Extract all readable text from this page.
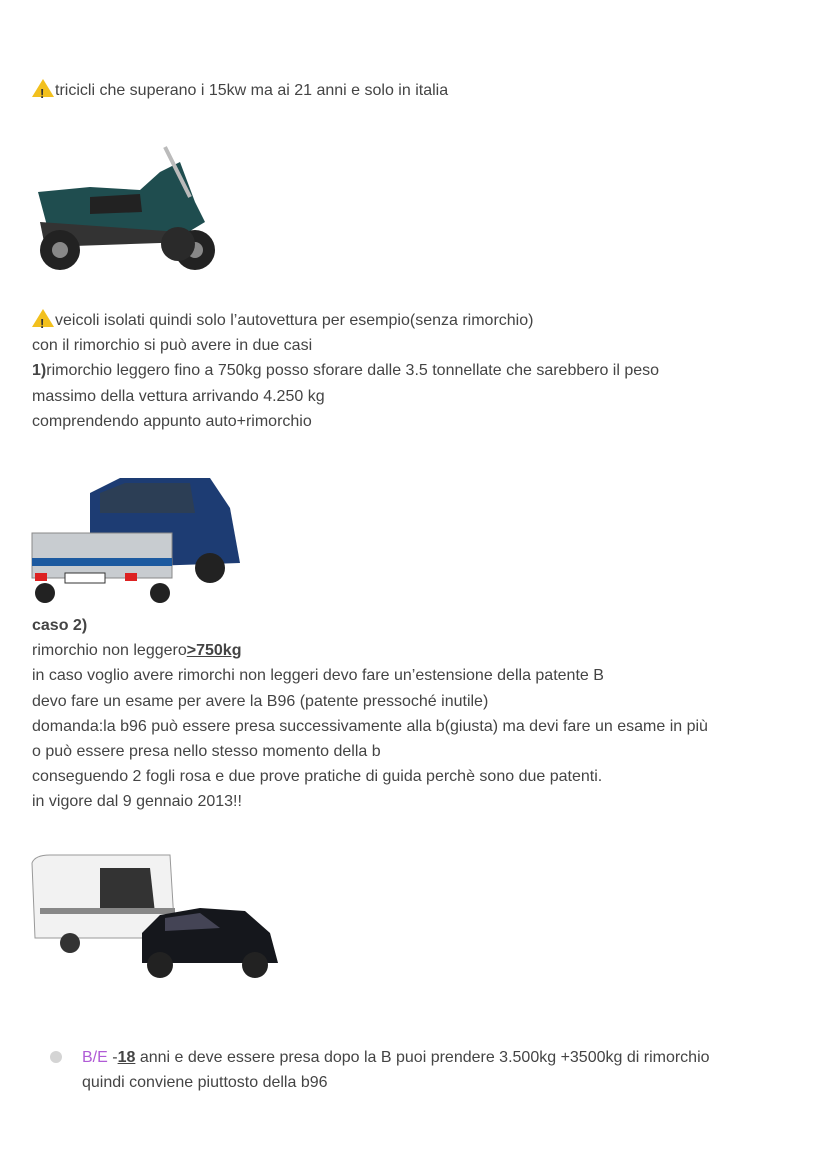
!tricicli che superano i 15kw ma ai 21 anni e solo in italia
!veicoli isolati quindi solo l’autovettura per esempio(senza rimorchio)
con il rimorchio si può avere in due casi
1)rimorchio leggero fino a 750kg posso sforare dalle 3.5 tonnellate che sarebbero il peso
massimo della vettura arrivando 4.250 kg
comprendendo appunto auto+rimorchio
caso 2)
rimorchio non leggero>750kg
in caso voglio avere rimorchi non leggeri devo fare un’estensione della patente B
devo fare un esame per avere la B96 (patente pressoché inutile)
domanda:la b96 può essere presa successivamente alla b(giusta) ma devi fare un esame in più
o può essere presa nello stesso momento della b
conseguendo 2 fogli rosa e due prove pratiche di guida perchè sono due patenti.
in vigore dal 9 gennaio 2013!!
B/E -18 anni e deve essere presa dopo la B puoi prendere 3.500kg +3500kg di rimorchio
quindi conviene piuttosto della b96
